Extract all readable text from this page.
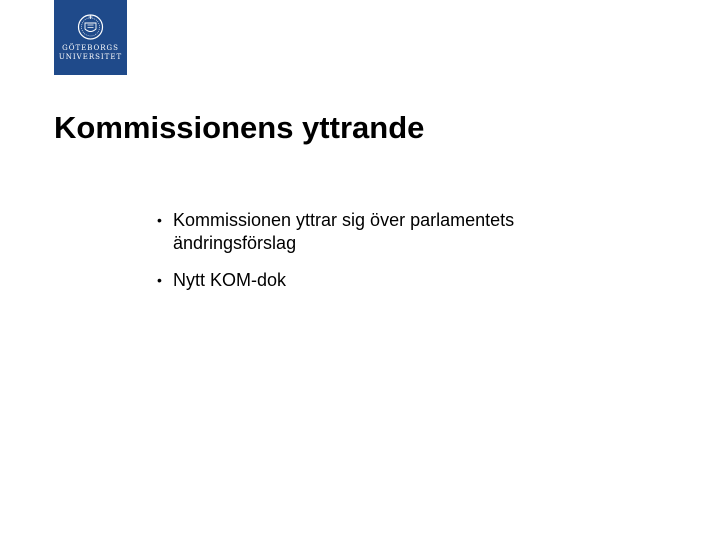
GÖTEBORGS
UNIVERSITET
Kommissionens yttrande
• Kommissionen yttrar sig över parlamentets ändringsförslag
• Nytt KOM-dok
